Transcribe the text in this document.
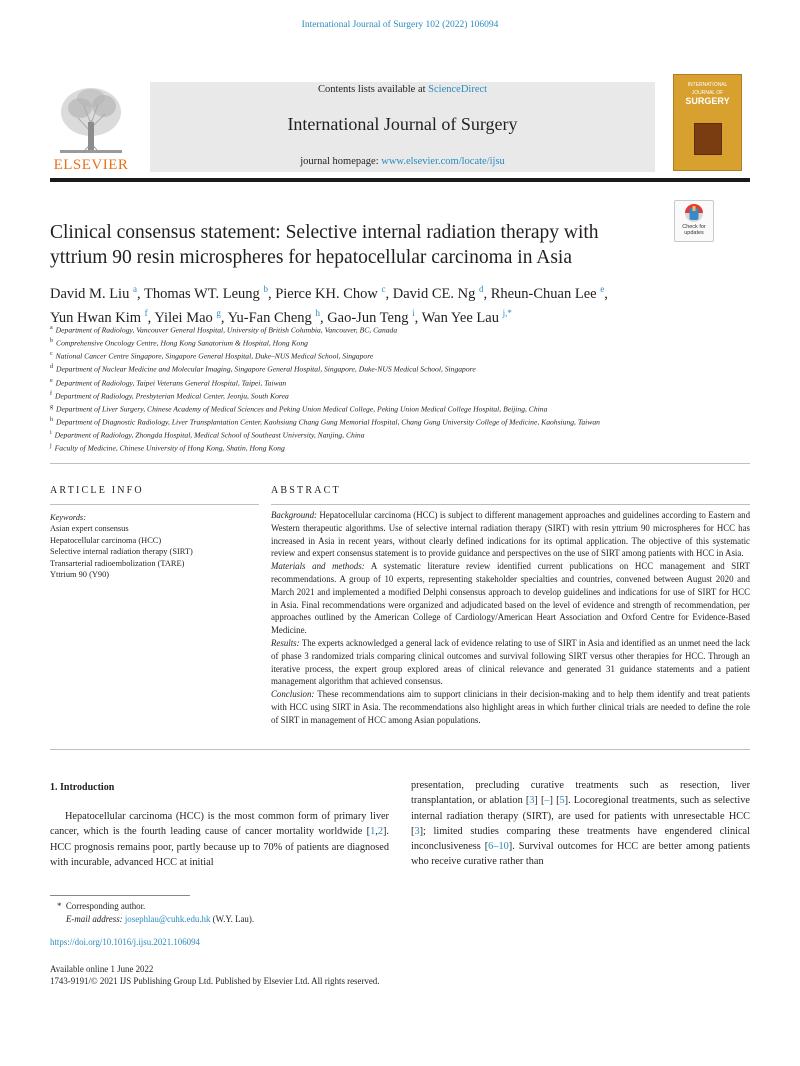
International Journal of Surgery 102 (2022) 106094
ELSEVIER
Contents lists available at ScienceDirect
International Journal of Surgery
journal homepage: www.elsevier.com/locate/ijsu
INTERNATIONAL
JOURNAL OF
SURGERY
Check for updates
Clinical consensus statement: Selective internal radiation therapy with yttrium 90 resin microspheres for hepatocellular carcinoma in Asia
David M. Liu $^a$, Thomas WT. Leung $^b$, Pierce KH. Chow $^c$, David CE. Ng $^d$, Rheun-Chuan Lee $^e$,
Yun Hwan Kim $^f$, Yilei Mao $^g$, Yu-Fan Cheng $^h$, Gao-Jun Teng $^i$, Wan Yee Lau $^{j,*}$
$^a$ Department of Radiology, Vancouver General Hospital, University of British Columbia, Vancouver, BC, Canada
$^b$ Comprehensive Oncology Centre, Hong Kong Sanatorium & Hospital, Hong Kong
$^c$ National Cancer Centre Singapore, Singapore General Hospital, Duke–NUS Medical School, Singapore
$^d$ Department of Nuclear Medicine and Molecular Imaging, Singapore General Hospital, Singapore, Duke-NUS Medical School, Singapore
$^e$ Department of Radiology, Taipei Veterans General Hospital, Taipei, Taiwan
$^f$ Department of Radiology, Presbyterian Medical Center, Jeonju, South Korea
$^g$ Department of Liver Surgery, Chinese Academy of Medical Sciences and Peking Union Medical College, Peking Union Medical College Hospital, Beijing, China
$^h$ Department of Diagnostic Radiology, Liver Transplantation Center, Kaohsiung Chang Gung Memorial Hospital, Chang Gung University College of Medicine, Kaohsiung, Taiwan
$^i$ Department of Radiology, Zhongda Hospital, Medical School of Southeast University, Nanjing, China
$^j$ Faculty of Medicine, Chinese University of Hong Kong, Shatin, Hong Kong
ARTICLE INFO	ABSTRACT
Keywords:
Asian expert consensus
Hepatocellular carcinoma (HCC)
Selective internal radiation therapy (SIRT)
Transarterial radioembolization (TARE)
Yttrium 90 (Y90)

Background: Hepatocellular carcinoma (HCC) is subject to different management approaches and guidelines according to Eastern and Western therapeutic algorithms. Use of selective internal radiation therapy (SIRT) with resin yttrium 90 microspheres for HCC has increased in Asia in recent years, without clearly defined indications for its optimal application. The objective of this systematic review and expert consensus statement is to provide guidance and perspectives on the use of SIRT among patients with HCC in Asia.

Materials and methods: A systematic literature review identified current publications on HCC management and SIRT recommendations. A group of 10 experts, representing stakeholder specialties and countries, convened between August 2020 and March 2021 and implemented a modified Delphi consensus approach to develop guidelines and indications for use of SIRT for HCC in Asia. Final recommendations were organized and adjudicated based on the level of evidence and strength of recommendation, per approaches outlined by the American College of Cardiology/American Heart Association and Oxford Centre for Evidence-Based Medicine.

Results: The experts acknowledged a general lack of evidence relating to use of SIRT in Asia and identified as an unmet need the lack of phase 3 randomized trials comparing clinical outcomes and survival following SIRT versus other therapies for HCC. Through an iterative process, the expert group explored areas of clinical relevance and generated 31 guidance statements and a patient management algorithm that achieved consensus.

Conclusion: These recommendations aim to support clinicians in their decision-making and to help them identify and treat patients with HCC using SIRT in Asia. The recommendations also highlight areas in which further clinical trials are needed to define the role of SIRT in management of HCC among Asian populations.

1. Introduction

Hepatocellular carcinoma (HCC) is the most common form of primary liver cancer, which is the fourth leading cause of cancer mortality worldwide [1,2]. HCC prognosis remains poor, partly because up to 70% of patients are diagnosed with incurable, advanced HCC at initial

presentation, precluding curative treatments such as resection, liver transplantation, or ablation [3] [–] [5]. Locoregional treatments, such as selective internal radiation therapy (SIRT), are used for patients with unresectable HCC [3]; limited studies comparing these treatments have engendered clinical inconclusiveness [6–10]. Survival outcomes for HCC are better among patients who receive curative rather than

* Corresponding author.
E-mail address: josephlau@cuhk.edu.hk (W.Y. Lau).
https://doi.org/10.1016/j.ijsu.2021.106094
Available online 1 June 2022
1743-9191/© 2021 IJS Publishing Group Ltd. Published by Elsevier Ltd. All rights reserved.
